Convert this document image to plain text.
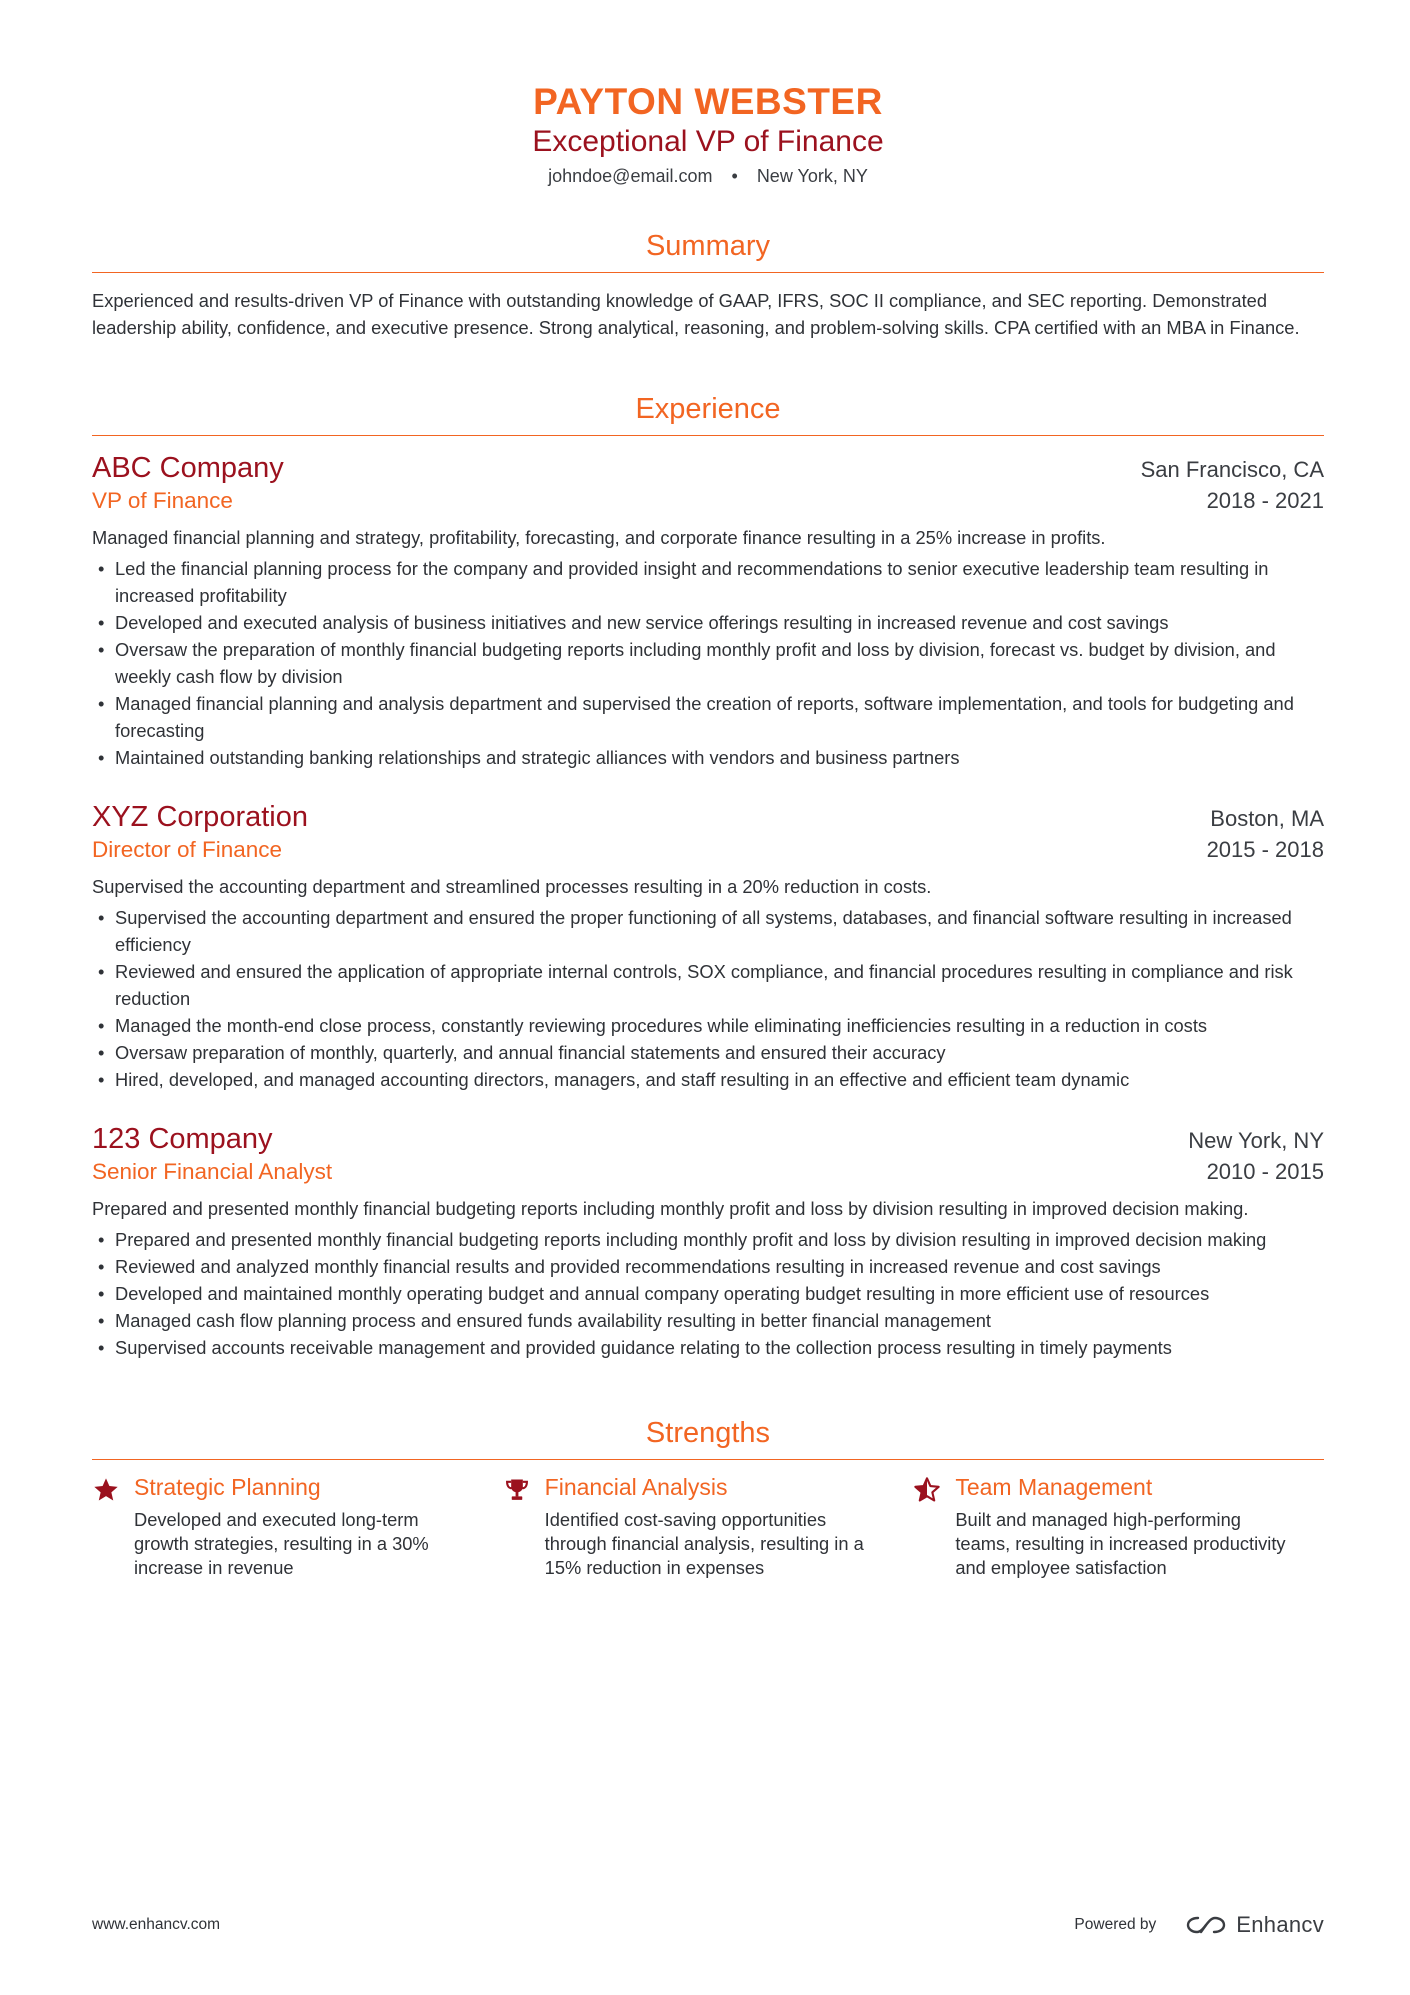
PAYTON WEBSTER
Exceptional VP of Finance
johndoe@email.com • New York, NY
Summary
Experienced and results-driven VP of Finance with outstanding knowledge of GAAP, IFRS, SOC II compliance, and SEC reporting. Demonstrated leadership ability, confidence, and executive presence. Strong analytical, reasoning, and problem-solving skills. CPA certified with an MBA in Finance.
Experience
ABC Company	San Francisco, CA
VP of Finance	2018 - 2021
Managed financial planning and strategy, profitability, forecasting, and corporate finance resulting in a 25% increase in profits.
• Led the financial planning process for the company and provided insight and recommendations to senior executive leadership team resulting in increased profitability
• Developed and executed analysis of business initiatives and new service offerings resulting in increased revenue and cost savings
• Oversaw the preparation of monthly financial budgeting reports including monthly profit and loss by division, forecast vs. budget by division, and weekly cash flow by division
• Managed financial planning and analysis department and supervised the creation of reports, software implementation, and tools for budgeting and forecasting
• Maintained outstanding banking relationships and strategic alliances with vendors and business partners
XYZ Corporation	Boston, MA
Director of Finance	2015 - 2018
Supervised the accounting department and streamlined processes resulting in a 20% reduction in costs.
• Supervised the accounting department and ensured the proper functioning of all systems, databases, and financial software resulting in increased efficiency
• Reviewed and ensured the application of appropriate internal controls, SOX compliance, and financial procedures resulting in compliance and risk reduction
• Managed the month-end close process, constantly reviewing procedures while eliminating inefficiencies resulting in a reduction in costs
• Oversaw preparation of monthly, quarterly, and annual financial statements and ensured their accuracy
• Hired, developed, and managed accounting directors, managers, and staff resulting in an effective and efficient team dynamic
123 Company	New York, NY
Senior Financial Analyst	2010 - 2015
Prepared and presented monthly financial budgeting reports including monthly profit and loss by division resulting in improved decision making.
• Prepared and presented monthly financial budgeting reports including monthly profit and loss by division resulting in improved decision making
• Reviewed and analyzed monthly financial results and provided recommendations resulting in increased revenue and cost savings
• Developed and maintained monthly operating budget and annual company operating budget resulting in more efficient use of resources
• Managed cash flow planning process and ensured funds availability resulting in better financial management
• Supervised accounts receivable management and provided guidance relating to the collection process resulting in timely payments
Strengths
Strategic Planning
Developed and executed long-term growth strategies, resulting in a 30% increase in revenue
Financial Analysis
Identified cost-saving opportunities through financial analysis, resulting in a 15% reduction in expenses
Team Management
Built and managed high-performing teams, resulting in increased productivity and employee satisfaction
www.enhancv.com	Powered by	Enhancv
